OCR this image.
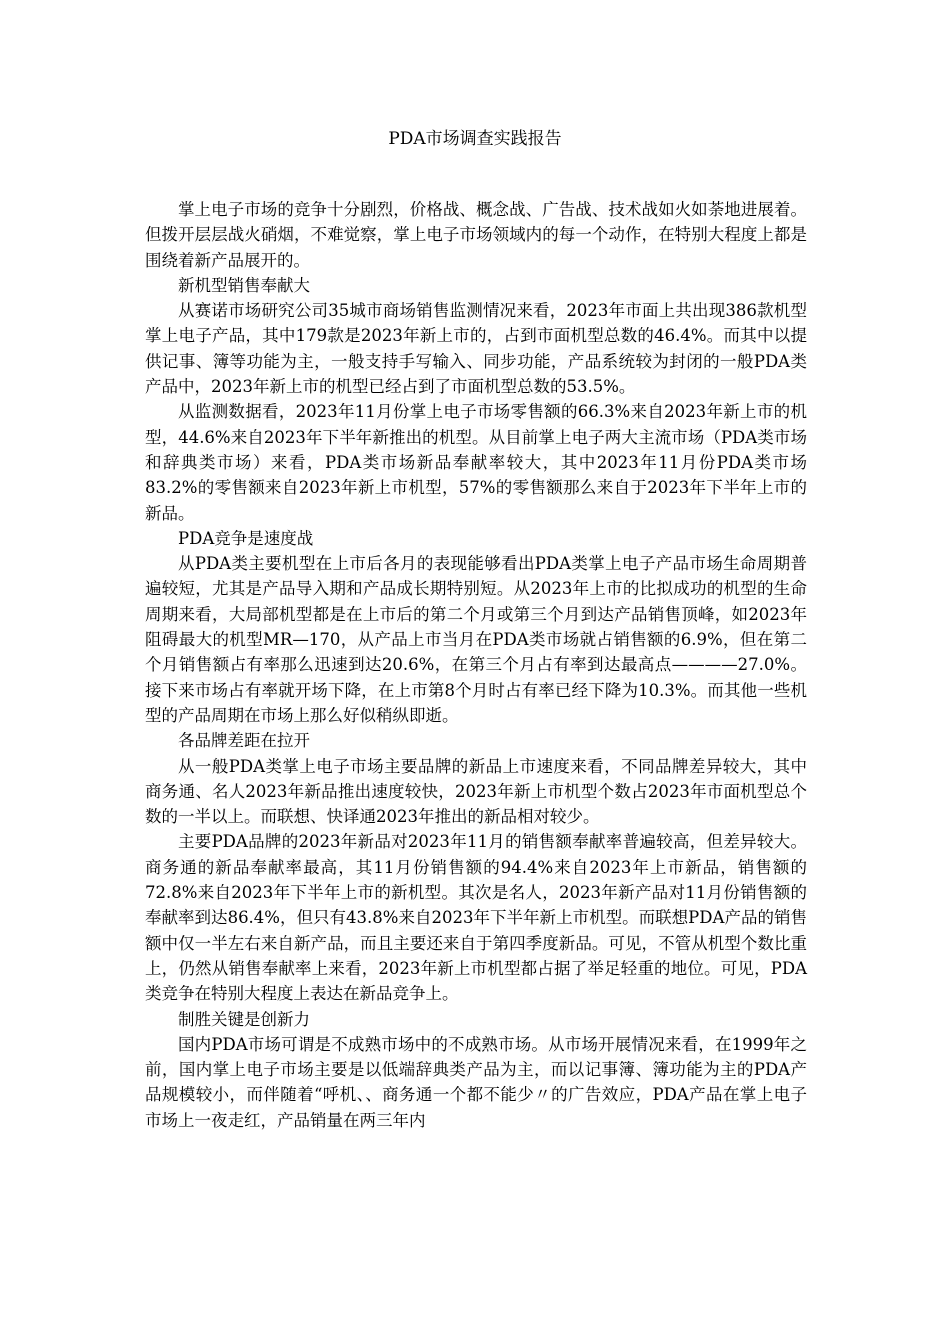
PDA市场调查实践报告

掌上电子市场的竞争十分剧烈，价格战、概念战、广告战、技术战如火如荼地进展着。但拨开层层战火硝烟，不难觉察，掌上电子市场领域内的每一个动作，在特别大程度上都是围绕着新产品展开的。

新机型销售奉献大

从赛诺市场研究公司35城市商场销售监测情况来看，2023年市面上共出现386款机型掌上电子产品，其中179款是2023年新上市的，占到市面机型总数的46.4%。而其中以提供记事、簿等功能为主，一般支持手写输入、同步功能，产品系统较为封闭的一般PDA类产品中，2023年新上市的机型已经占到了市面机型总数的53.5%。

从监测数据看，2023年11月份掌上电子市场零售额的66.3%来自2023年新上市的机型，44.6%来自2023年下半年新推出的机型。从目前掌上电子两大主流市场（PDA类市场和辞典类市场）来看，PDA类市场新品奉献率较大，其中2023年11月份PDA类市场83.2%的零售额来自2023年新上市机型，57%的零售额那么来自于2023年下半年上市的新品。

PDA竞争是速度战

从PDA类主要机型在上市后各月的表现能够看出PDA类掌上电子产品市场生命周期普遍较短，尤其是产品导入期和产品成长期特别短。从2023年上市的比拟成功的机型的生命周期来看，大局部机型都是在上市后的第二个月或第三个月到达产品销售顶峰，如2023年阻碍最大的机型MR—170，从产品上市当月在PDA类市场就占销售额的6.9%，但在第二个月销售额占有率那么迅速到达20.6%，在第三个月占有率到达最高点————27.0%。接下来市场占有率就开场下降，在上市第8个月时占有率已经下降为10.3%。而其他一些机型的产品周期在市场上那么好似稍纵即逝。

各品牌差距在拉开

从一般PDA类掌上电子市场主要品牌的新品上市速度来看，不同品牌差异较大，其中商务通、名人2023年新品推出速度较快，2023年新上市机型个数占2023年市面机型总个数的一半以上。而联想、快译通2023年推出的新品相对较少。

主要PDA品牌的2023年新品对2023年11月的销售额奉献率普遍较高，但差异较大。商务通的新品奉献率最高，其11月份销售额的94.4%来自2023年上市新品，销售额的72.8%来自2023年下半年上市的新机型。其次是名人，2023年新产品对11月份销售额的奉献率到达86.4%，但只有43.8%来自2023年下半年新上市机型。而联想PDA产品的销售额中仅一半左右来自新产品，而且主要还来自于第四季度新品。可见，不管从机型个数比重上，仍然从销售奉献率上来看，2023年新上市机型都占据了举足轻重的地位。可见，PDA类竞争在特别大程度上表达在新品竞争上。

制胜关键是创新力

国内PDA市场可谓是不成熟市场中的不成熟市场。从市场开展情况来看，在1999年之前，国内掌上电子市场主要是以低端辞典类产品为主，而以记事簿、簿功能为主的PDA产品规模较小，而伴随着“呼机、、商务通一个都不能少〃的广告效应，PDA产品在掌上电子市场上一夜走红，产品销量在两三年内
